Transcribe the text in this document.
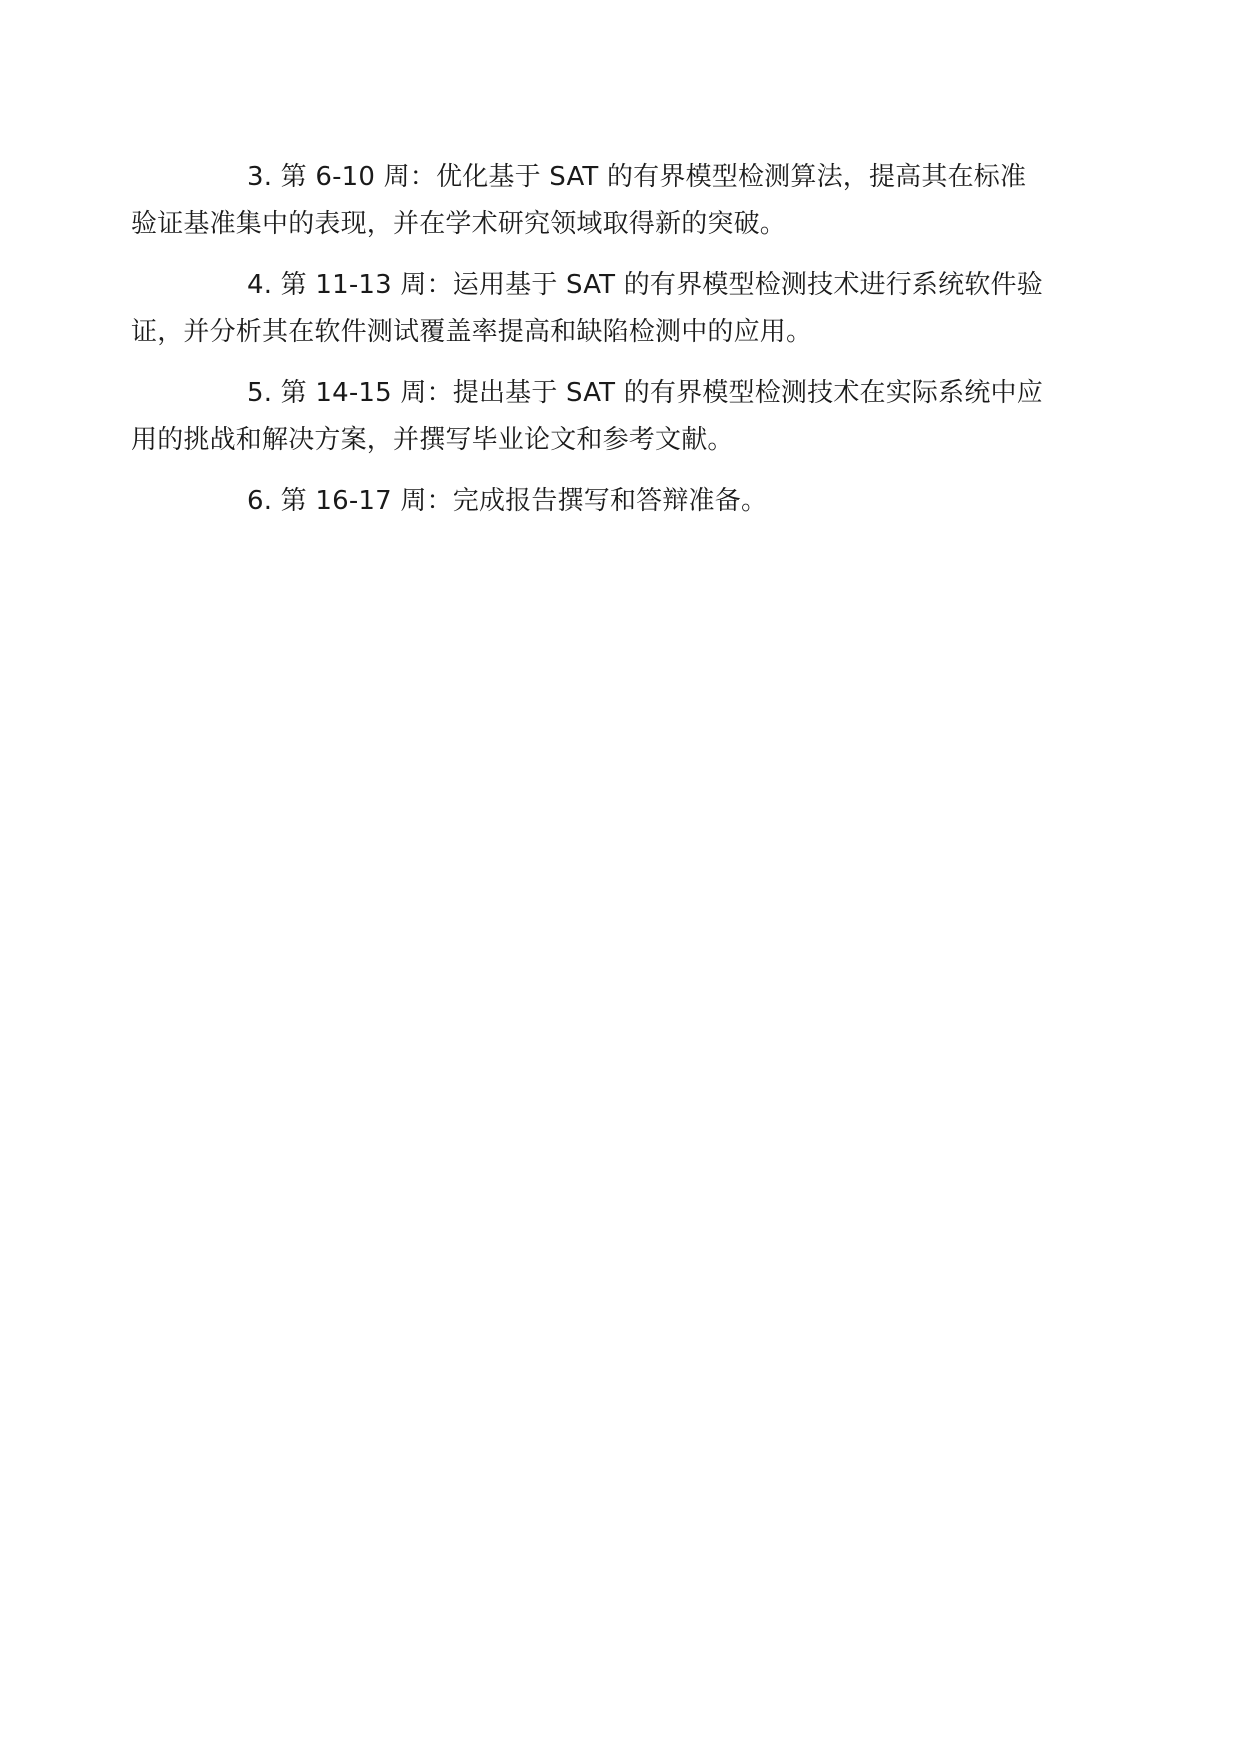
3. 第 6-10 周：优化基于 SAT 的有界模型检测算法，提高其在标准
验证基准集中的表现，并在学术研究领域取得新的突破。

4. 第 11-13 周：运用基于 SAT 的有界模型检测技术进行系统软件验
证，并分析其在软件测试覆盖率提高和缺陷检测中的应用。

5. 第 14-15 周：提出基于 SAT 的有界模型检测技术在实际系统中应
用的挑战和解决方案，并撰写毕业论文和参考文献。

6. 第 16-17 周：完成报告撰写和答辩准备。
